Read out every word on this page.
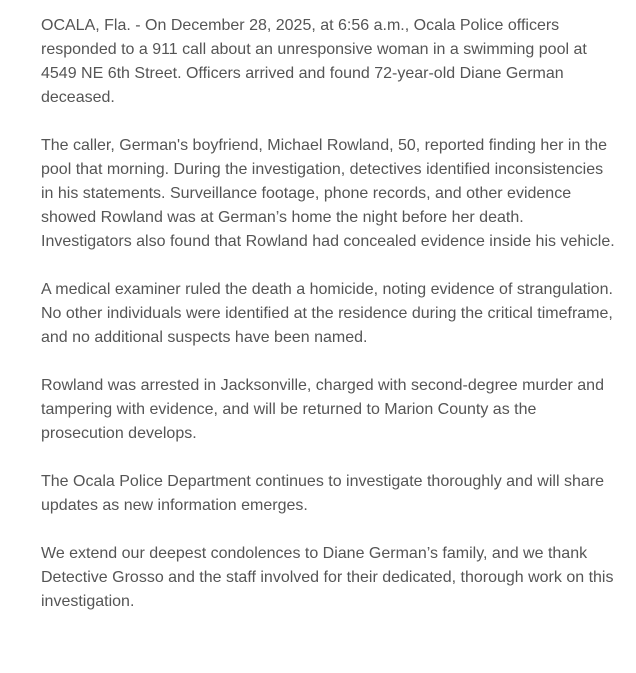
OCALA, Fla. - On December 28, 2025, at 6:56 a.m., Ocala Police officers responded to a 911 call about an unresponsive woman in a swimming pool at 4549 NE 6th Street. Officers arrived and found 72-year-old Diane German deceased.

The caller, German's boyfriend, Michael Rowland, 50, reported finding her in the pool that morning. During the investigation, detectives identified inconsistencies in his statements. Surveillance footage, phone records, and other evidence showed Rowland was at German’s home the night before her death. Investigators also found that Rowland had concealed evidence inside his vehicle.

A medical examiner ruled the death a homicide, noting evidence of strangulation. No other individuals were identified at the residence during the critical timeframe, and no additional suspects have been named.

Rowland was arrested in Jacksonville, charged with second-degree murder and tampering with evidence, and will be returned to Marion County as the prosecution develops.

The Ocala Police Department continues to investigate thoroughly and will share updates as new information emerges.

We extend our deepest condolences to Diane German’s family, and we thank Detective Grosso and the staff involved for their dedicated, thorough work on this investigation.
